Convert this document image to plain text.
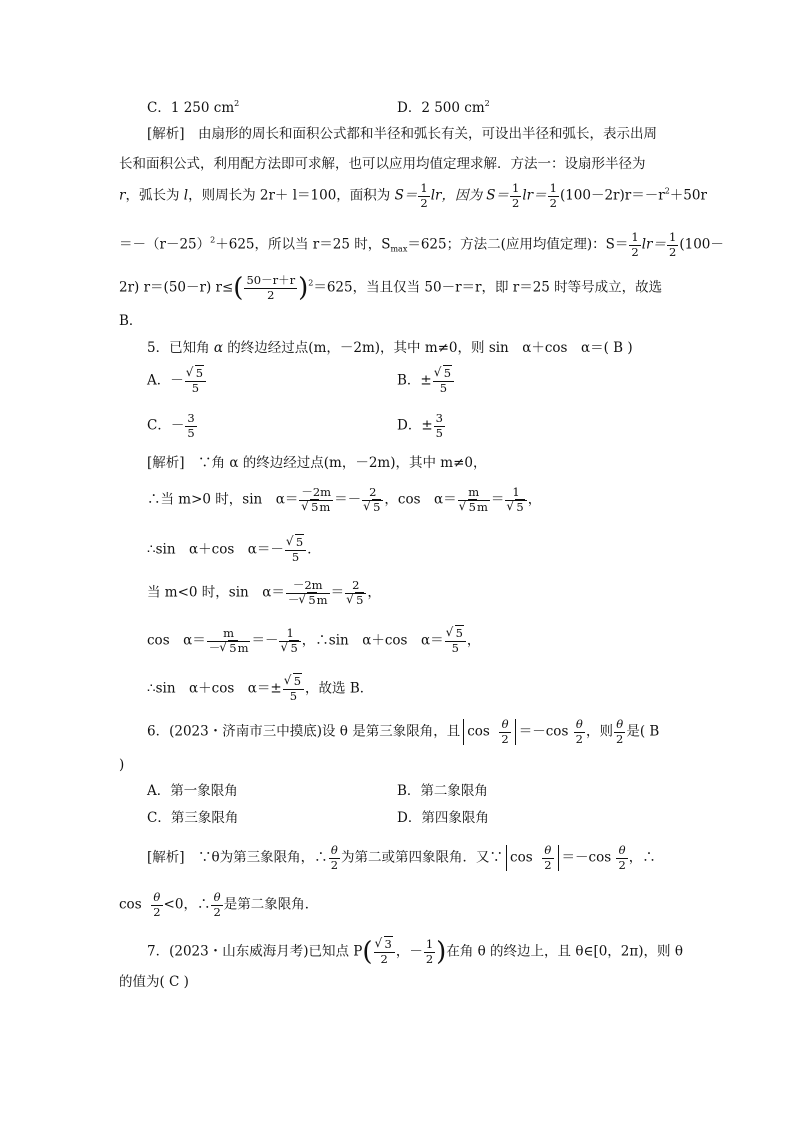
C．1 250 $cm^2$	D．2 500 $cm^2$
[解析]　由扇形的周长和面积公式都和半径和弧长有关，可设出半径和弧长，表示出周
长和面积公式，利用配方法即可求解，也可以应用均值定理求解．方法一：设扇形半径为
r，弧长为 l，则周长为 2r＋ l＝100，面积为 $S= \frac{1}{2}$ lr，因为 $S= \frac{1}{2} lr= \frac{1}{2} (100-2r)r=-r^2+50r$
$=-(r-25)^2+625$，所以当 r＝25 时，$S_{max}=625$；方法二(应用均值定理)：$S= \frac{1}{2} lr= \frac{1}{2} (100-$
2r) r＝(50－r) $r\le( \frac{50-r+r}{2} )^2=625$，当且仅当 50－r＝r，即 r＝25 时等号成立，故选
B．
5．已知角 α 的终边经过点(m，－2m)，其中 m≠0，则 sin　α＋cos　α＝( B )
A．－ √ $\frac{5}{5}$	B．± √ $\frac{5}{5}$
C．－ $\frac{3}{5}$	D．± $\frac{3}{5}$
[解析]　∵角 α 的终边经过点(m，－2m)，其中 m≠0，
∴当 m>0 时，sin　α＝ －2m
√ 5m ＝－ 2
√ 5 ，cos　α＝ m
√ 5m ＝ 1
√ 5 ，
∴sin　α＋cos　α＝－ √ $\frac{5}{5}$ ．
当 m<0 时，sin　$\alpha= \frac{-2m}{- √ 5m} = 2$
√ 5 ，
cos　$\alpha= \frac{m}{- √ 5m} =- 1$
√ 5 ，∴sin　α＋cos　α＝ √ $\frac{5}{5}$ ，
∴sin　α＋cos　α＝± √ $\frac{5}{5}$ ，故选 B．
6．(2023・济南市三中摸底)设 θ 是第三象限角，且 $\cos \frac{\theta}{2} =-\cos \frac{\theta}{2}$ ，则 $\frac{\theta}{2}$ 是( B
)
A．第一象限角	B．第二象限角
C．第三象限角	D．第四象限角
[解析]　∵θ为第三象限角，∴ $\frac{\theta}{2}$ 为第二或第四象限角．又∵ $\cos \frac{\theta}{2} =-\cos \frac{\theta}{2}$ ，∴
$\cos \frac{\theta}{2} <0$，∴ $\frac{\theta}{2}$ 是第二象限角．
7．(2023・山东威海月考)已知点 P( √ $\frac{3}{2}$ ，－ $\frac{1}{2}$ )在角 θ 的终边上，且 θ∈[0，2π)，则 θ
的值为( C )
